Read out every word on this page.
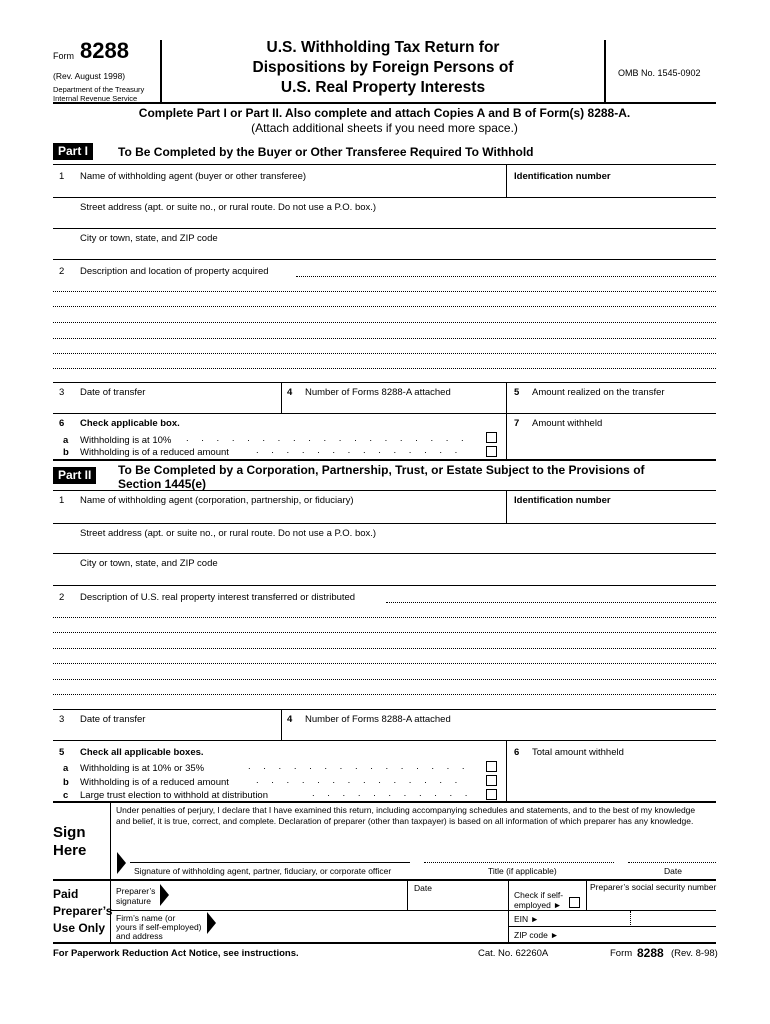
Form 8288
(Rev. August 1998)
Department of the Treasury
Internal Revenue Service
U.S. Withholding Tax Return for
Dispositions by Foreign Persons of
U.S. Real Property Interests
OMB No. 1545-0902
Complete Part I or Part II. Also complete and attach Copies A and B of Form(s) 8288-A.
(Attach additional sheets if you need more space.)
Part I	To Be Completed by the Buyer or Other Transferee Required To Withhold
1 Name of withholding agent (buyer or other transferee)	Identification number
Street address (apt. or suite no., or rural route. Do not use a P.O. box.)
City or town, state, and ZIP code
2 Description and location of property acquired
3 Date of transfer	4 Number of Forms 8288-A attached	5 Amount realized on the transfer
6 Check applicable box.
a Withholding is at 10% . . . . . . . . . . . . . . . . . . .
b Withholding is of a reduced amount	. . . . . . . . . . . . . .
7 Amount withheld
Part II	To Be Completed by a Corporation, Partnership, Trust, or Estate Subject to the Provisions of
Section 1445(e)
1 Name of withholding agent (corporation, partnership, or fiduciary)	Identification number
Street address (apt. or suite no., or rural route. Do not use a P.O. box.)
City or town, state, and ZIP code
2 Description of U.S. real property interest transferred or distributed
3 Date of transfer	4 Number of Forms 8288-A attached
5 Check all applicable boxes.
a Withholding is at 10% or 35%	. . . . . . . . . . . . . . .
b Withholding is of a reduced amount	. . . . . . . . . . . . . .
c Large trust election to withhold at distribution	. . . . . . . . . . .
6 Total amount withheld
Sign
Here
Under penalties of perjury, I declare that I have examined this return, including accompanying schedules and statements, and to the best of my knowledge
and belief, it is true, correct, and complete. Declaration of preparer (other than taxpayer) is based on all information of which preparer has any knowledge.
Signature of withholding agent, partner, fiduciary, or corporate officer	Title (if applicable)	Date
Paid
Preparer’s
Use Only
Preparer’s
signature
Date
Check if self-
employed ►
Preparer’s social security number
Firm’s name (or
yours if self-employed)
and address
EIN ►
ZIP code ►
For Paperwork Reduction Act Notice, see instructions.	Cat. No. 62260A	Form 8288 (Rev. 8-98)
